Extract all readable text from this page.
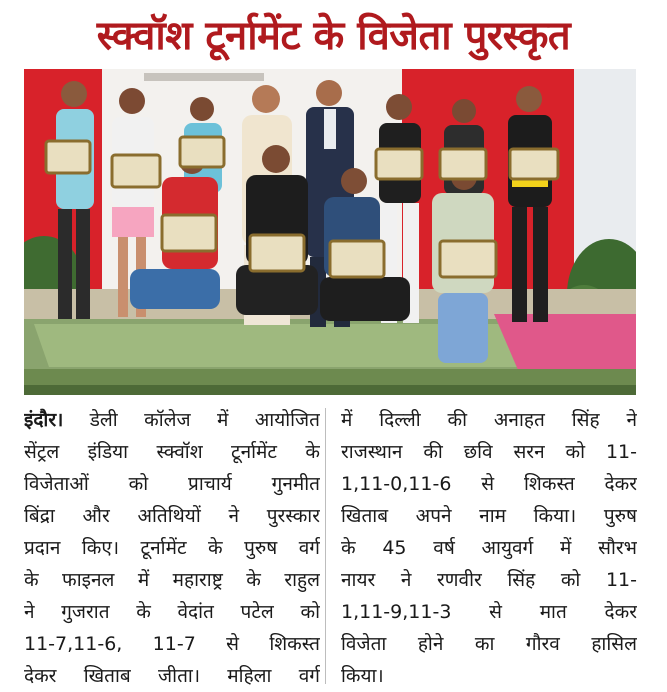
स्क्वॉश टूर्नामेंट के विजेता पुरस्कृत
इंदौर। डेली कॉलेज में आयोजित
सेंट्रल इंडिया स्क्वॉश टूर्नामेंट के
विजेताओं को प्राचार्य गुनमीत
बिंद्रा और अतिथियों ने पुरस्कार
प्रदान किए। टूर्नामेंट के पुरुष वर्ग
के फाइनल में महाराष्ट्र के राहुल
ने गुजरात के वेदांत पटेल को
11-7,11-6, 11-7 से शिकस्त
देकर खिताब जीता। महिला वर्ग
में दिल्ली की अनाहत सिंह ने
राजस्थान की छवि सरन को 11-
1,11-0,11-6 से शिकस्त देकर
खिताब अपने नाम किया। पुरुष
के 45 वर्ष आयुवर्ग में सौरभ
नायर ने रणवीर सिंह को 11-
1,11-9,11-3 से मात देकर
विजेता होने का गौरव हासिल
किया।
